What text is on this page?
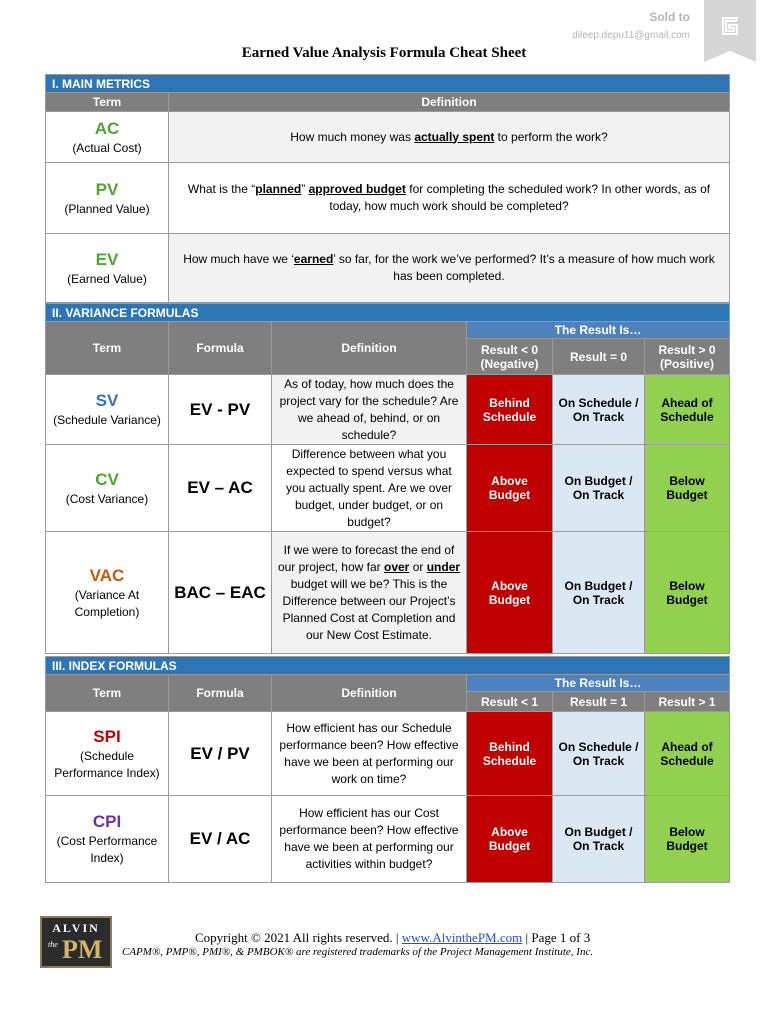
Sold to
dileep.depu11@gmail.com
Earned Value Analysis Formula Cheat Sheet
I. MAIN METRICS	
Term	Definition

AC
(Actual Cost)	How much money was actually spent to perform the work?

PV
(Planned Value)	What is the “planned” approved budget for completing the scheduled work? In other words, as of today, how much work should be completed?

EV
(Earned Value)	How much have we ‘earned’ so far, for the work we’ve performed? It’s a measure of how much work has been completed.
II. VARIANCE FORMULAS					
Term	Formula	Definition	The Result Is…		
			Result < 0 (Negative)	Result = 0	Result > 0 (Positive)

SV
(Schedule Variance)	EV - PV	As of today, how much does the project vary for the schedule? Are we ahead of, behind, or on schedule?	Behind Schedule	On Schedule / On Track	Ahead of Schedule

CV
(Cost Variance)	EV – AC	Difference between what you expected to spend versus what you actually spent. Are we over budget, under budget, or on budget?	Above Budget	On Budget / On Track	Below Budget

VAC
(Variance At Completion)	BAC – EAC	If we were to forecast the end of our project, how far over or under budget will we be? This is the Difference between our Project’s Planned Cost at Completion and our New Cost Estimate.	Above Budget	On Budget / On Track	Below Budget
III. INDEX FORMULAS					
Term	Formula	Definition	The Result Is…		
			Result < 1	Result = 1	Result > 1

SPI
(Schedule Performance Index)	EV / PV	How efficient has our Schedule performance been? How effective have we been at performing our work on time?	Behind Schedule	On Schedule / On Track	Ahead of Schedule

CPI
(Cost Performance Index)	EV / AC	How efficient has our Cost performance been? How effective have we been at performing our activities within budget?	Above Budget	On Budget / On Track	Below Budget
ALVIN
the PM	Copyright © 2021 All rights reserved. | www.AlvinthePM.com | Page 1 of 3
CAPM®, PMP®, PMI®, & PMBOK® are registered trademarks of the Project Management Institute, Inc.
